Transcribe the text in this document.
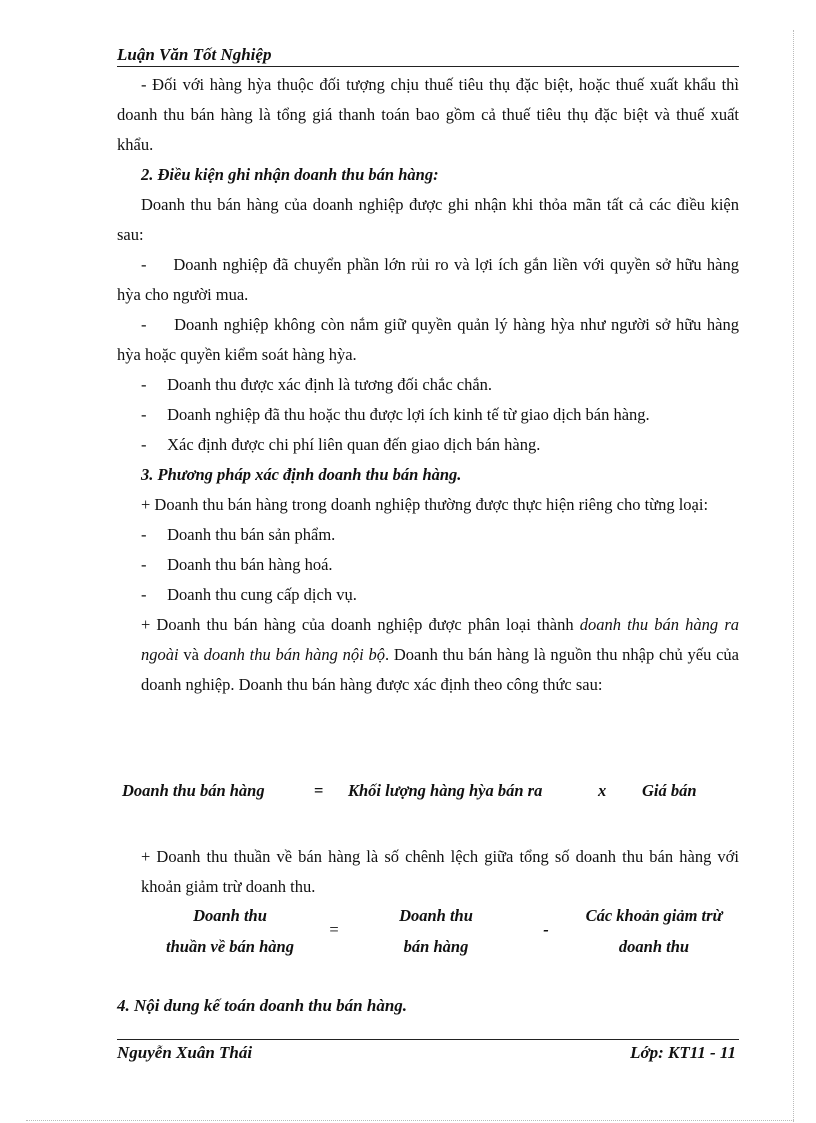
Luận Văn Tốt Nghiệp

- Đối với hàng hỳa thuộc đối tượng chịu thuế tiêu thụ đặc biệt, hoặc thuế xuất khẩu thì doanh thu bán hàng là tổng giá thanh toán bao gồm cả thuế tiêu thụ đặc biệt và thuế xuất khẩu.

2. Điều kiện ghi nhận doanh thu bán hàng:

Doanh thu bán hàng của doanh nghiệp được ghi nhận khi thỏa mãn tất cả các điều kiện sau:

- Doanh nghiệp đã chuyển phần lớn rủi ro và lợi ích gắn liền với quyền sở hữu hàng hỳa cho người mua.

- Doanh nghiệp không còn nắm giữ quyền quản lý hàng hỳa như người sở hữu hàng hỳa hoặc quyền kiểm soát hàng hỳa.

- Doanh thu được xác định là tương đối chắc chắn.

- Doanh nghiệp đã thu hoặc thu được lợi ích kinh tế từ giao dịch bán hàng.

- Xác định được chi phí liên quan đến giao dịch bán hàng.

3. Phương pháp xác định doanh thu bán hàng.

+ Doanh thu bán hàng trong doanh nghiệp thường được thực hiện riêng cho từng loại:

- Doanh thu bán sản phẩm.

- Doanh thu bán hàng hoá.

- Doanh thu cung cấp dịch vụ.

+ Doanh thu bán hàng của doanh nghiệp được phân loại thành doanh thu bán hàng ra ngoài và doanh thu bán hàng nội bộ. Doanh thu bán hàng là nguồn thu nhập chủ yếu của doanh nghiệp. Doanh thu bán hàng được xác định theo công thức sau:

Doanh thu bán hàng	= Khối lượng hàng hỳa bán ra	x Giá bán

+ Doanh thu thuần về bán hàng là số chênh lệch giữa tổng số doanh thu bán hàng với khoản giảm trừ doanh thu.

Doanh thu
thuần về bán hàng
=
Doanh thu
bán hàng
-
Các khoản giảm trừ
doanh thu
4. Nội dung kế toán doanh thu bán hàng.
Nguyễn Xuân Thái	Lớp: KT11 - 11
